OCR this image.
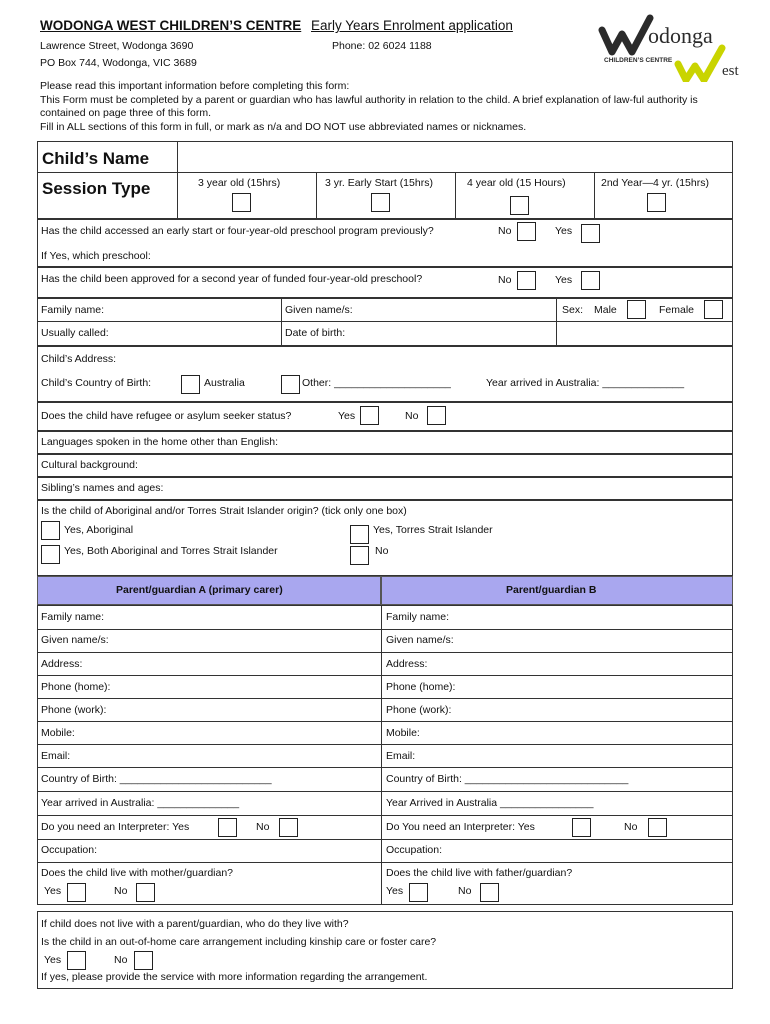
WODONGA WEST CHILDREN’S CENTRE Early Years Enrolment application
Lawrence Street, Wodonga 3690	Phone: 02 6024 1188
PO Box 744, Wodonga, VIC 3689
odonga
CHILDREN’S CENTRE
est

Please read this important information before completing this form:

This Form must be completed by a parent or guardian who has lawful authority in relation to the child. A brief explanation of law-ful authority is contained on page three of this form.

Fill in ALL sections of this form in full, or mark as n/a and DO NOT use abbreviated names or nicknames.

Child’s Name
Session Type	3 year old (15hrs)	3 yr. Early Start (15hrs)	4 year old (15 Hours)	2nd Year—4 yr. (15hrs)
Has the child accessed an early start or four-year-old preschool program previously?	No	Yes
If Yes, which preschool:
Has the child been approved for a second year of funded four-year-old preschool?	No	Yes
Family name:	Given name/s:	Sex: Male	Female
Usually called:	Date of birth:
Child’s Address:
Child’s Country of Birth:	Australia	Other: ____________________	Year arrived in Australia: ______________
Does the child have refugee or asylum seeker status?	Yes	No
Languages spoken in the home other than English:
Cultural background:
Sibling’s names and ages:
Is the child of Aboriginal and/or Torres Strait Islander origin? (tick only one box)
Yes, Aboriginal	Yes, Torres Strait Islander
Yes, Both Aboriginal and Torres Strait Islander	No
Parent/guardian A (primary carer)	Parent/guardian B
Family name:	Family name:
Given name/s:	Given name/s:
Address:	Address:
Phone (home):	Phone (home):
Phone (work):	Phone (work):
Mobile:	Mobile:
Email:	Email:
Country of Birth: __________________________	Country of Birth: ____________________________
Year arrived in Australia: ______________	Year Arrived in Australia ________________
Do you need an Interpreter: Yes	No	Do You need an Interpreter: Yes	No
Occupation:	Occupation:
Does the child live with mother/guardian?
Yes	No
Does the child live with father/guardian?
Yes	No
If child does not live with a parent/guardian, who do they live with?
Is the child in an out-of-home care arrangement including kinship care or foster care?
Yes	No
If yes, please provide the service with more information regarding the arrangement.
